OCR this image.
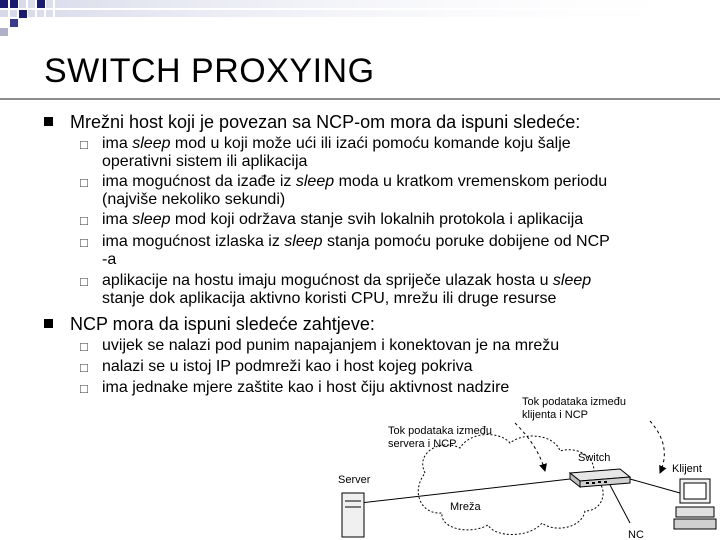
SWITCH PROXYING
Mrežni host koji je povezan sa NCP-om mora da ispuni sledeće:
□ ima sleep mod u koji može ući ili izaći pomoću komande koju šalje
operativni sistem ili aplikacija
□ ima mogućnost da izađe iz sleep moda u kratkom vremenskom periodu
(najviše nekoliko sekundi)
□ ima sleep mod koji održava stanje svih lokalnih protokola i aplikacija
□ ima mogućnost izlaska iz sleep stanja pomoću poruke dobijene od NCP
-a
□ aplikacije na hostu imaju mogućnost da spriječe ulazak hosta u sleep
stanje dok aplikacija aktivno koristi CPU, mrežu ili druge resurse
NCP mora da ispuni sledeće zahtjeve:
□ uvijek se nalazi pod punim napajanjem i konektovan je na mrežu
□ nalazi se u istoj IP podmreži kao i host kojeg pokriva
□ ima jednake mjere zaštite kao i host čiju aktivnost nadzire
Mreža
Tok podataka između
klijenta i NCP
Tok podataka između
servera i NCP
Switch
Klijent
Server
NC
